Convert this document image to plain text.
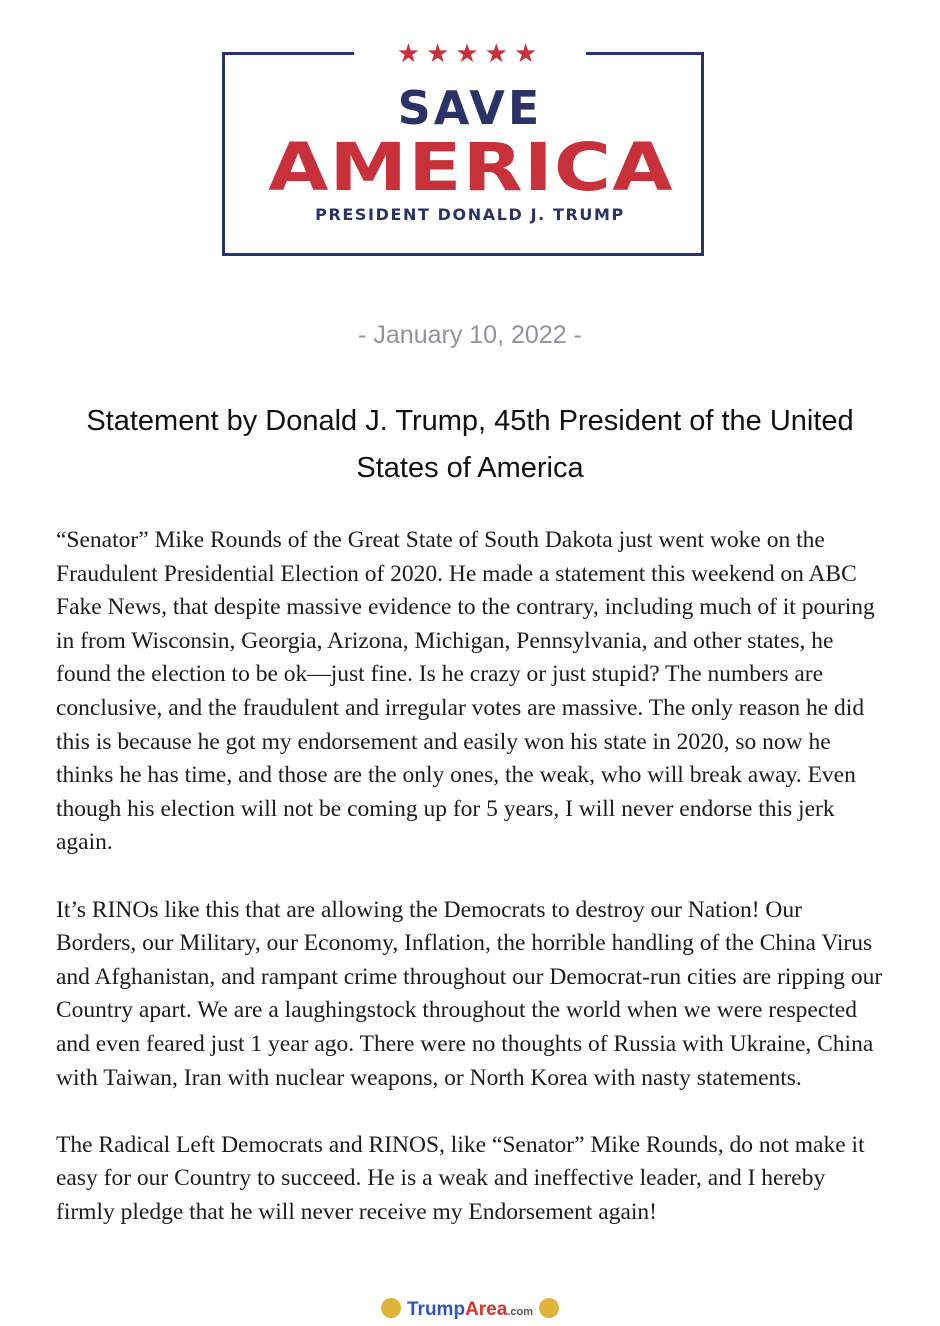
★★★★★
SAVE
AMERICA
PRESIDENT DONALD J. TRUMP
- January 10, 2022 -
Statement by Donald J. Trump, 45th President of the United States of America

“Senator” Mike Rounds of the Great State of South Dakota just went woke on the Fraudulent Presidential Election of 2020. He made a statement this weekend on ABC Fake News, that despite massive evidence to the contrary, including much of it pouring in from Wisconsin, Georgia, Arizona, Michigan, Pennsylvania, and other states, he found the election to be ok—just fine. Is he crazy or just stupid? The numbers are conclusive, and the fraudulent and irregular votes are massive. The only reason he did this is because he got my endorsement and easily won his state in 2020, so now he thinks he has time, and those are the only ones, the weak, who will break away. Even though his election will not be coming up for 5 years, I will never endorse this jerk again.

It’s RINOs like this that are allowing the Democrats to destroy our Nation! Our Borders, our Military, our Economy, Inflation, the horrible handling of the China Virus and Afghanistan, and rampant crime throughout our Democrat-run cities are ripping our Country apart. We are a laughingstock throughout the world when we were respected and even feared just 1 year ago. There were no thoughts of Russia with Ukraine, China with Taiwan, Iran with nuclear weapons, or North Korea with nasty statements.

The Radical Left Democrats and RINOS, like “Senator” Mike Rounds, do not make it easy for our Country to succeed. He is a weak and ineffective leader, and I hereby firmly pledge that he will never receive my Endorsement again!

TrumpArea.com
